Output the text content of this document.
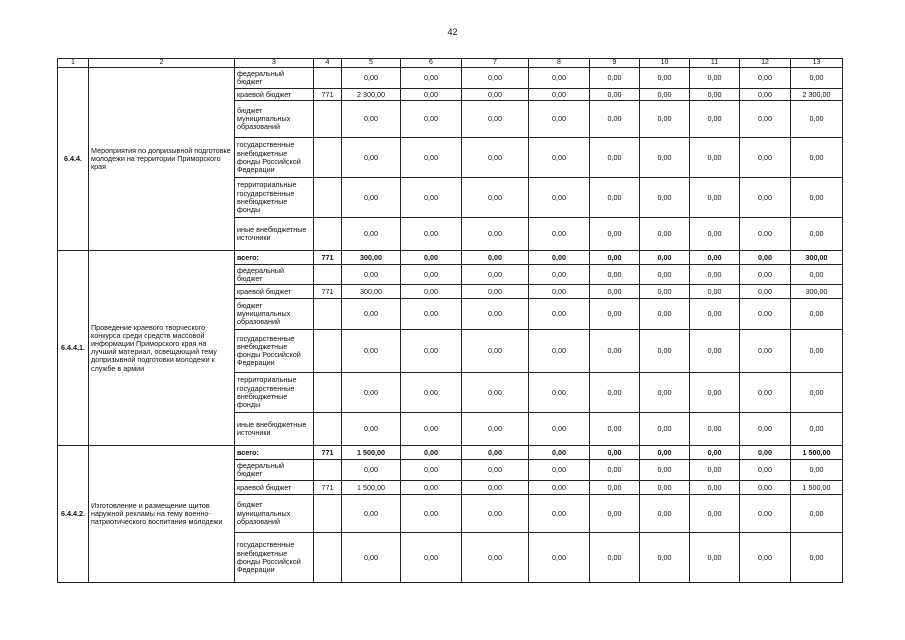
42
1	2	3	4	5	6	7	8	9	10	11	12	13
6.4.4.	Мероприятия по допризывной подготовке молодежи на территории Приморского края	федеральный бюджет		0,00	0,00	0,00	0,00	0,00	0,00	0,00	0,00	0,00
		краевой бюджет	771	2 300,00	0,00	0,00	0,00	0,00	0,00	0,00	0,00	2 300,00
		бюджет муниципальных образований		0,00	0,00	0,00	0,00	0,00	0,00	0,00	0,00	0,00
		государственные внебюджетные фонды Российской Федерации		0,00	0,00	0,00	0,00	0,00	0,00	0,00	0,00	0,00
		территориальные государственные внебюджетные фонды		0,00	0,00	0,00	0,00	0,00	0,00	0,00	0,00	0,00
		иные внебюджетные источники		0,00	0,00	0,00	0,00	0,00	0,00	0,00	0,00	0,00
6.4.4.1.	Проведение краевого творческого конкурса среди средств массовой информации Приморского края на лучший материал, освещающий тему допризывной подготовки молодежи к службе в армии	всего:	771	300,00	0,00	0,00	0,00	0,00	0,00	0,00	0,00	300,00
		федеральный бюджет		0,00	0,00	0,00	0,00	0,00	0,00	0,00	0,00	0,00
		краевой бюджет	771	300,00	0,00	0,00	0,00	0,00	0,00	0,00	0,00	300,00
		бюджет муниципальных образований		0,00	0,00	0,00	0,00	0,00	0,00	0,00	0,00	0,00
		государственные внебюджетные фонды Российской Федерации		0,00	0,00	0,00	0,00	0,00	0,00	0,00	0,00	0,00
		территориальные государственные внебюджетные фонды		0,00	0,00	0,00	0,00	0,00	0,00	0,00	0,00	0,00
		иные внебюджетные источники		0,00	0,00	0,00	0,00	0,00	0,00	0,00	0,00	0,00
6.4.4.2.	Изготовление и размещение щитов наружной рекламы на тему военно-патриотического воспитания молодежи	всего:	771	1 500,00	0,00	0,00	0,00	0,00	0,00	0,00	0,00	1 500,00
		федеральный бюджет		0,00	0,00	0,00	0,00	0,00	0,00	0,00	0,00	0,00
		краевой бюджет	771	1 500,00	0,00	0,00	0,00	0,00	0,00	0,00	0,00	1 500,00
		бюджет муниципальных образований		0,00	0,00	0,00	0,00	0,00	0,00	0,00	0,00	0,00
		государственные внебюджетные фонды Российской Федерации		0,00	0,00	0,00	0,00	0,00	0,00	0,00	0,00	0,00
